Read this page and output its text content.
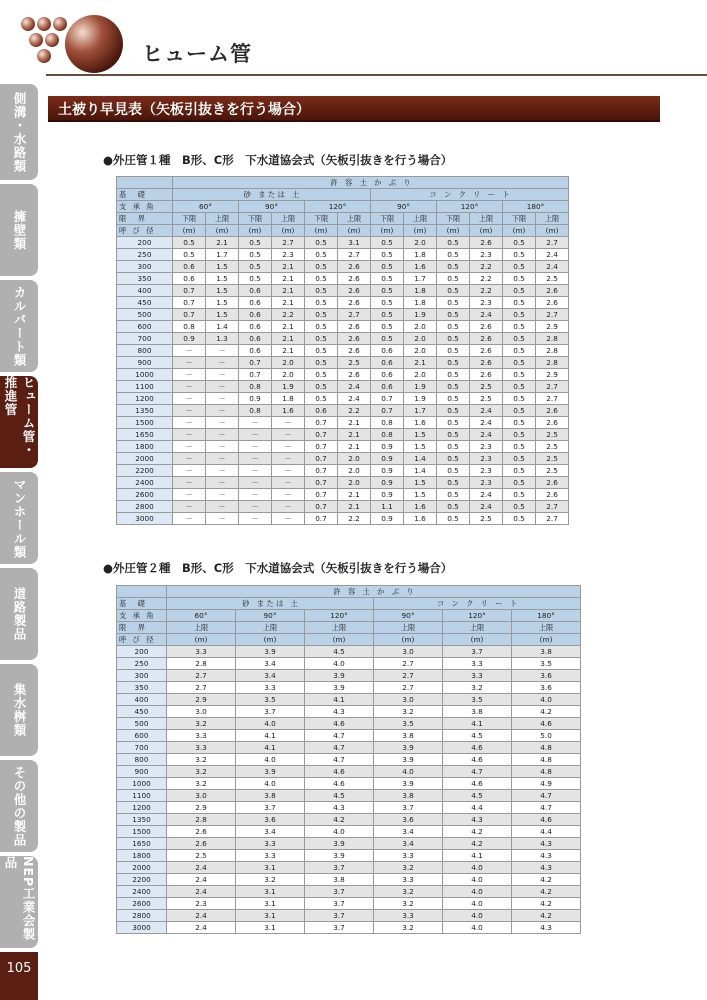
ヒューム管
側溝・水路類
擁壁類
カルバート類
ヒューム管・推進管
マンホール類
道路製品
集水桝類
その他の製品
NEP工業会製品
105
土被り早見表（矢板引抜きを行う場合）
●外圧管１種　B形、C形　下水道協会式（矢板引抜きを行う場合）
	許　容　土　か　ぶ　り											
基　礎	砂　ま た は　土						コ　ン　ク　リ　ー　ト					
支 承 角	60°		90°		120°		90°		120°		180°	
限　界	下限	上限	下限	上限	下限	上限	下限	上限	下限	上限	下限	上限
呼 び 径	(m)	(m)	(m)	(m)	(m)	(m)	(m)	(m)	(m)	(m)	(m)	(m)
200	0.5	2.1	0.5	2.7	0.5	3.1	0.5	2.0	0.5	2.6	0.5	2.7
250	0.5	1.7	0.5	2.3	0.5	2.7	0.5	1.8	0.5	2.3	0.5	2.4
300	0.6	1.5	0.5	2.1	0.5	2.6	0.5	1.6	0.5	2.2	0.5	2.4
350	0.6	1.5	0.5	2.1	0.5	2.6	0.5	1.7	0.5	2.2	0.5	2.5
400	0.7	1.5	0.6	2.1	0.5	2.6	0.5	1.8	0.5	2.2	0.5	2.6
450	0.7	1.5	0.6	2.1	0.5	2.6	0.5	1.8	0.5	2.3	0.5	2.6
500	0.7	1.5	0.6	2.2	0.5	2.7	0.5	1.9	0.5	2.4	0.5	2.7
600	0.8	1.4	0.6	2.1	0.5	2.6	0.5	2.0	0.5	2.6	0.5	2.9
700	0.9	1.3	0.6	2.1	0.5	2.6	0.5	2.0	0.5	2.6	0.5	2.8
800	－	－	0.6	2.1	0.5	2.6	0.6	2.0	0.5	2.6	0.5	2.8
900	－	－	0.7	2.0	0.5	2.5	0.6	2.1	0.5	2.6	0.5	2.8
1000	－	－	0.7	2.0	0.5	2.6	0.6	2.0	0.5	2.6	0.5	2.9
1100	－	－	0.8	1.9	0.5	2.4	0.6	1.9	0.5	2.5	0.5	2.7
1200	－	－	0.9	1.8	0.5	2.4	0.7	1.9	0.5	2.5	0.5	2.7
1350	－	－	0.8	1.6	0.6	2.2	0.7	1.7	0.5	2.4	0.5	2.6
1500	－	－	－	－	0.7	2.1	0.8	1.6	0.5	2.4	0.5	2.6
1650	－	－	－	－	0.7	2.1	0.8	1.5	0.5	2.4	0.5	2.5
1800	－	－	－	－	0.7	2.1	0.9	1.5	0.5	2.3	0.5	2.5
2000	－	－	－	－	0.7	2.0	0.9	1.4	0.5	2.3	0.5	2.5
2200	－	－	－	－	0.7	2.0	0.9	1.4	0.5	2.3	0.5	2.5
2400	－	－	－	－	0.7	2.0	0.9	1.5	0.5	2.3	0.5	2.6
2600	－	－	－	－	0.7	2.1	0.9	1.5	0.5	2.4	0.5	2.6
2800	－	－	－	－	0.7	2.1	1.1	1.6	0.5	2.4	0.5	2.7
3000	－	－	－	－	0.7	2.2	0.9	1.6	0.5	2.5	0.5	2.7
●外圧管２種　B形、C形　下水道協会式（矢板引抜きを行う場合）
	許　容　土　か　ぶ　り					
基　礎	砂　ま た は　土			コ　ン　ク　リ　ー　ト		
支 承 角	60°	90°	120°	90°	120°	180°
限　界	上限	上限	上限	上限	上限	上限
呼 び 径	(m)	(m)	(m)	(m)	(m)	(m)
200	3.3	3.9	4.5	3.0	3.7	3.8
250	2.8	3.4	4.0	2.7	3.3	3.5
300	2.7	3.4	3.9	2.7	3.3	3.6
350	2.7	3.3	3.9	2.7	3.2	3.6
400	2.9	3.5	4.1	3.0	3.5	4.0
450	3.0	3.7	4.3	3.2	3.8	4.2
500	3.2	4.0	4.6	3.5	4.1	4.6
600	3.3	4.1	4.7	3.8	4.5	5.0
700	3.3	4.1	4.7	3.9	4.6	4.8
800	3.2	4.0	4.7	3.9	4.6	4.8
900	3.2	3.9	4.6	4.0	4.7	4.8
1000	3.2	4.0	4.6	3.9	4.6	4.9
1100	3.0	3.8	4.5	3.8	4.5	4.7
1200	2.9	3.7	4.3	3.7	4.4	4.7
1350	2.8	3.6	4.2	3.6	4.3	4.6
1500	2.6	3.4	4.0	3.4	4.2	4.4
1650	2.6	3.3	3.9	3.4	4.2	4.3
1800	2.5	3.3	3.9	3.3	4.1	4.3
2000	2.4	3.1	3.7	3.2	4.0	4.3
2200	2.4	3.2	3.8	3.3	4.0	4.2
2400	2.4	3.1	3.7	3.2	4.0	4.2
2600	2.3	3.1	3.7	3.2	4.0	4.2
2800	2.4	3.1	3.7	3.3	4.0	4.2
3000	2.4	3.1	3.7	3.2	4.0	4.3
